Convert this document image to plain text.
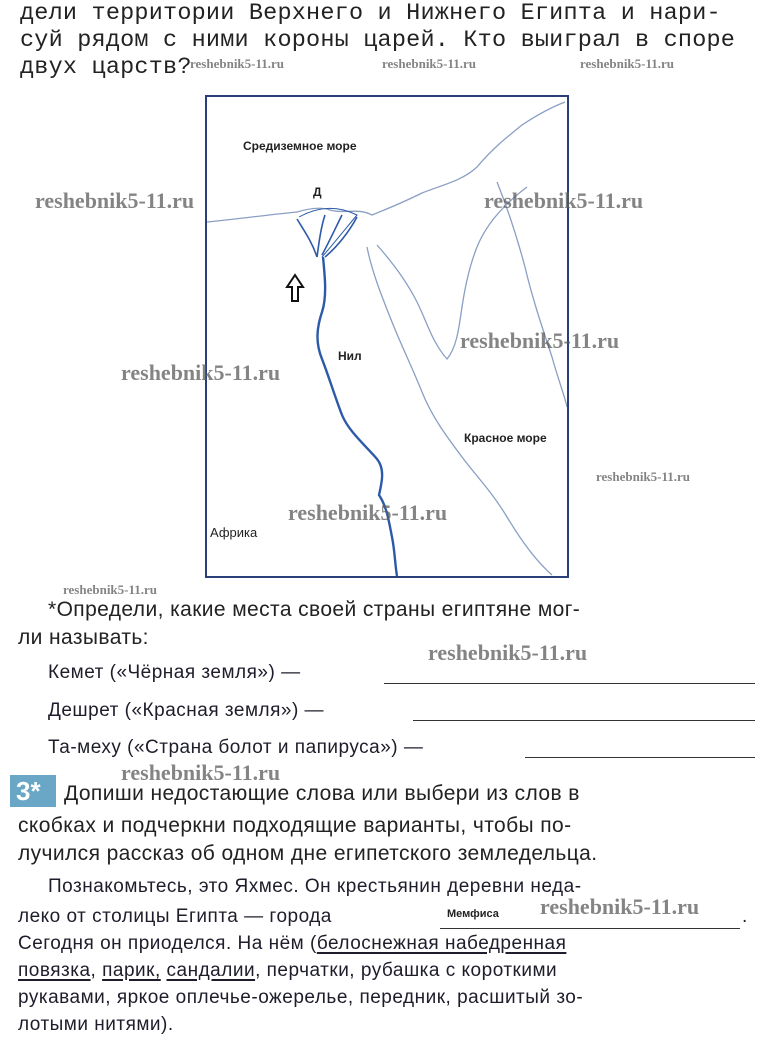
дели территории Верхнего и Нижнего Египта и нари-
суй рядом с ними короны царей. Кто выиграл в споре
двух царств?
reshebnik5-11.ru	reshebnik5-11.ru	reshebnik5-11.ru
Средиземное море
Д
Нил
Красное море
Африка
reshebnik5-11.ru	reshebnik5-11.ru
reshebnik5-11.ru
reshebnik5-11.ru
reshebnik5-11.ru
reshebnik5-11.ru
reshebnik5-11.ru
*Определи, какие места своей страны египтяне мог-
ли называть:
reshebnik5-11.ru
Кемет («Чёрная земля») —
Дешрет («Красная земля») —
Та-меху («Страна болот и папируса») —
reshebnik5-11.ru
3*	Допиши недостающие слова или выбери из слов в
скобках и подчеркни подходящие варианты, чтобы по-
лучился рассказ об одном дне египетского земледельца.
Познакомьтесь, это Яхмес. Он крестьянин деревни неда-
леко от столицы Египта — города	Мемфиса	.
reshebnik5-11.ru
Сегодня он приоделся. На нём (белоснежная набедренная
повязка, парик, сандалии, перчатки, рубашка с короткими
рукавами, яркое оплечье-ожерелье, передник, расшитый зо-
лотыми нитями).
